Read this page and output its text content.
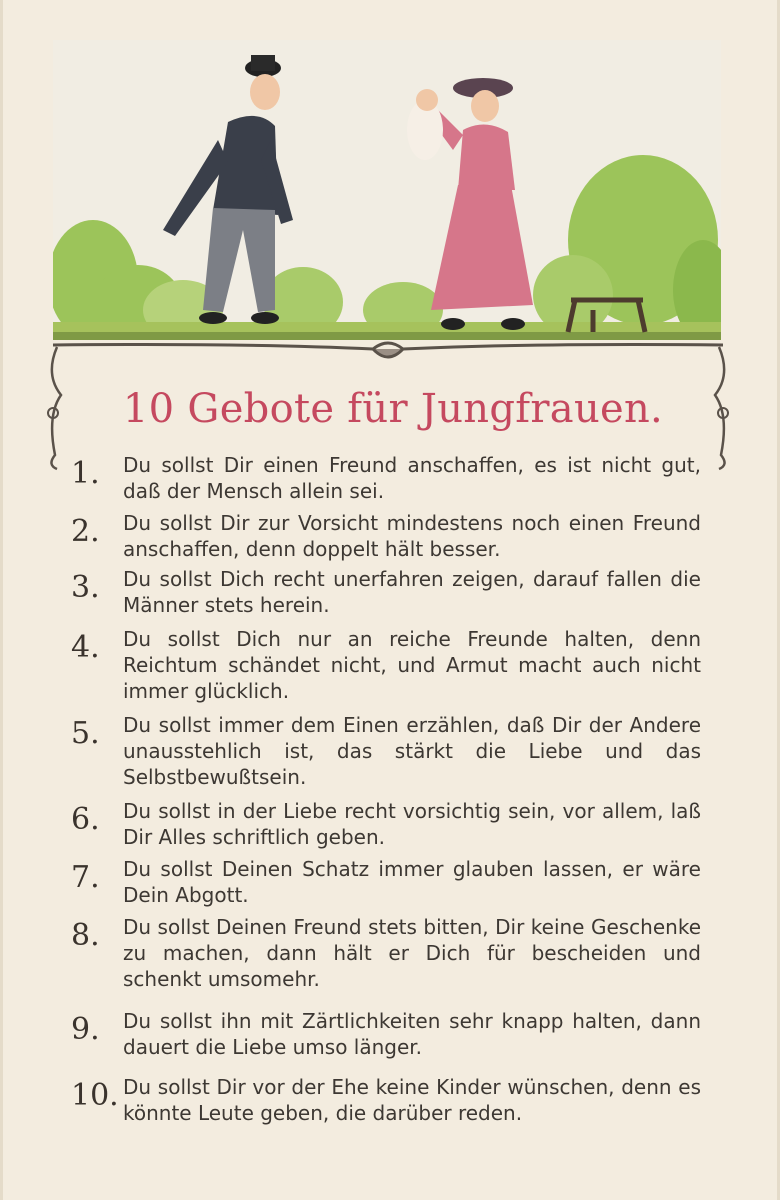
10 Gebote für Jungfrauen.
1.	Du sollst Dir einen Freund anschaffen, es ist nicht gut, daß der Mensch allein sei.
2.	Du sollst Dir zur Vorsicht mindestens noch einen Freund anschaffen, denn doppelt hält besser.
3.	Du sollst Dich recht unerfahren zeigen, darauf fallen die Männer stets herein.
4.	Du sollst Dich nur an reiche Freunde halten, denn Reichtum schändet nicht, und Armut macht auch nicht immer glücklich.
5.	Du sollst immer dem Einen erzählen, daß Dir der Andere unausstehlich ist, das stärkt die Liebe und das Selbstbewußtsein.
6.	Du sollst in der Liebe recht vorsichtig sein, vor allem, laß Dir Alles schriftlich geben.
7.	Du sollst Deinen Schatz immer glauben lassen, er wäre Dein Abgott.
8.	Du sollst Deinen Freund stets bitten, Dir keine Geschenke zu machen, dann hält er Dich für bescheiden und schenkt umsomehr.
9.	Du sollst ihn mit Zärtlichkeiten sehr knapp halten, dann dauert die Liebe umso länger.
10. Du sollst Dir vor der Ehe keine Kinder wünschen, denn es könnte Leute geben, die darüber reden.
